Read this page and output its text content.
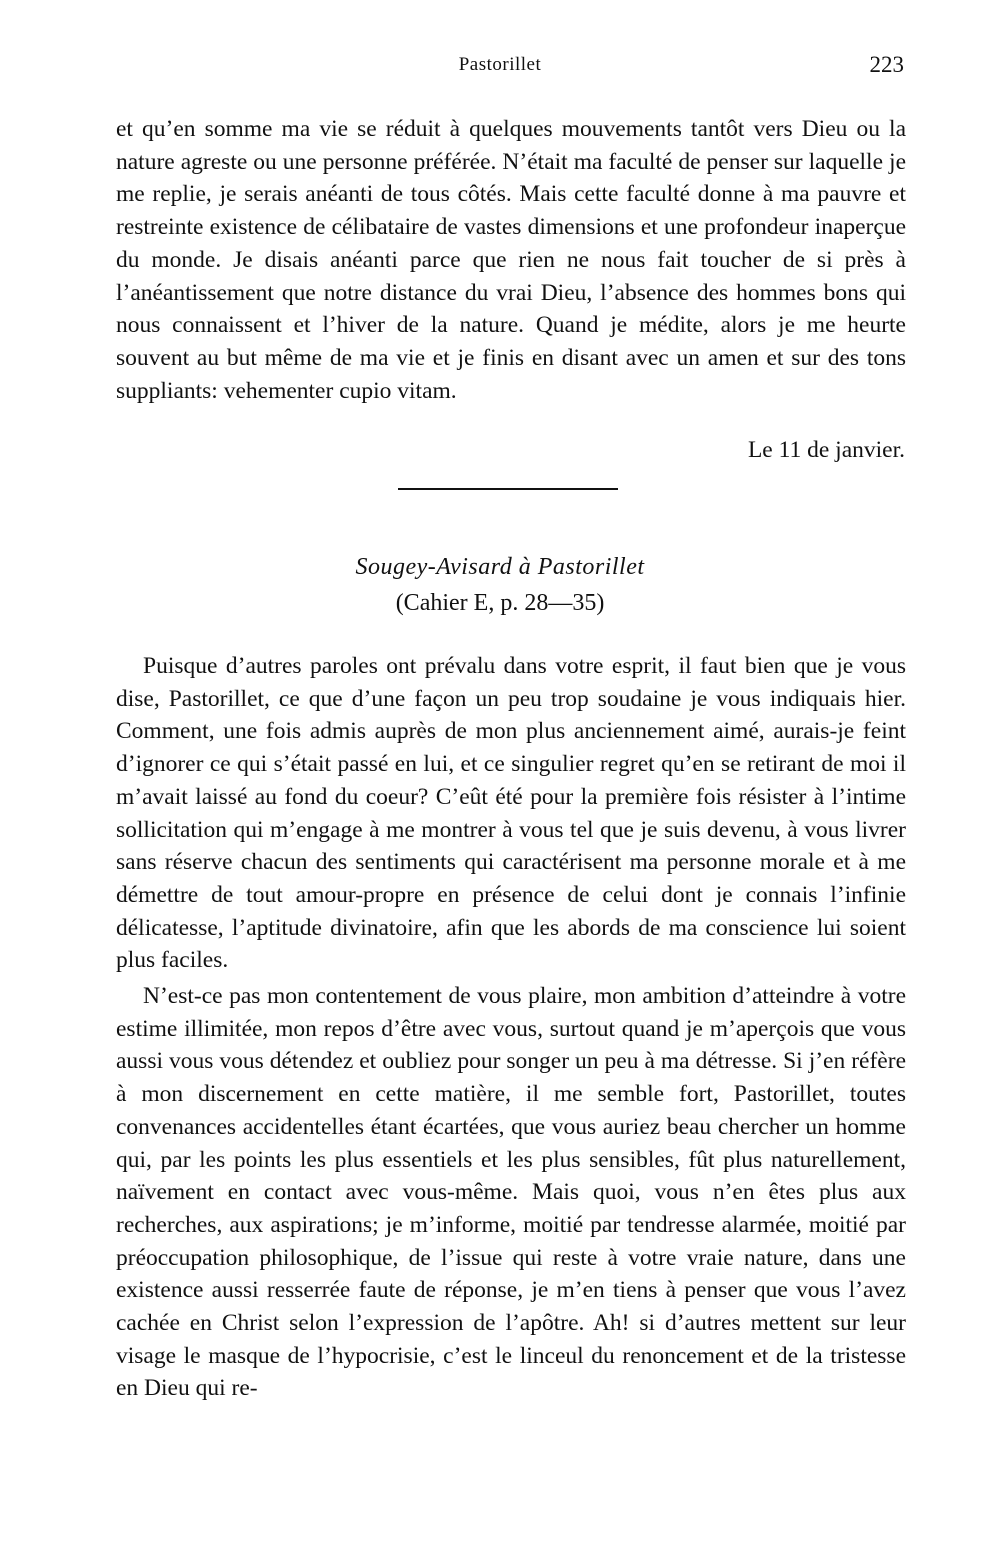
Pastorillet	223

et qu’en somme ma vie se réduit à quelques mouvements tantôt vers Dieu ou la nature agreste ou une personne préférée. N’était ma faculté de penser sur laquelle je me replie, je serais anéanti de tous côtés. Mais cette faculté donne à ma pauvre et restreinte existence de célibataire de vastes dimensions et une profondeur inaperçue du monde. Je disais anéanti parce que rien ne nous fait toucher de si près à l’anéantissement que notre distance du vrai Dieu, l’absence des hommes bons qui nous connaissent et l’hiver de la nature. Quand je médite, alors je me heurte souvent au but même de ma vie et je finis en disant avec un amen et sur des tons suppliants: vehementer cupio vitam.

Le 11 de janvier.
Sougey-Avisard à Pastorillet
(Cahier E, p. 28—35)

Puisque d’autres paroles ont prévalu dans votre esprit, il faut bien que je vous dise, Pastorillet, ce que d’une façon un peu trop soudaine je vous indiquais hier. Comment, une fois admis auprès de mon plus anciennement aimé, aurais-je feint d’ignorer ce qui s’était passé en lui, et ce singulier regret qu’en se retirant de moi il m’avait laissé au fond du coeur? C’eût été pour la première fois résister à l’intime sollicitation qui m’engage à me montrer à vous tel que je suis devenu, à vous livrer sans réserve chacun des sentiments qui caractérisent ma personne morale et à me démettre de tout amour-propre en présence de celui dont je connais l’infinie délicatesse, l’aptitude divinatoire, afin que les abords de ma conscience lui soient plus faciles.

N’est-ce pas mon contentement de vous plaire, mon ambition d’atteindre à votre estime illimitée, mon repos d’être avec vous, surtout quand je m’aperçois que vous aussi vous vous détendez et oubliez pour songer un peu à ma détresse. Si j’en réfère à mon discernement en cette matière, il me semble fort, Pastorillet, toutes convenances accidentelles étant écartées, que vous auriez beau chercher un homme qui, par les points les plus essentiels et les plus sensibles, fût plus naturellement, naïvement en contact avec vous-même. Mais quoi, vous n’en êtes plus aux recherches, aux aspirations; je m’informe, moitié par tendresse alarmée, moitié par préoccupation philosophique, de l’issue qui reste à votre vraie nature, dans une existence aussi resserrée faute de réponse, je m’en tiens à penser que vous l’avez cachée en Christ selon l’expression de l’apôtre. Ah! si d’autres mettent sur leur visage le masque de l’hypocrisie, c’est le linceul du renoncement et de la tristesse en Dieu qui re-
